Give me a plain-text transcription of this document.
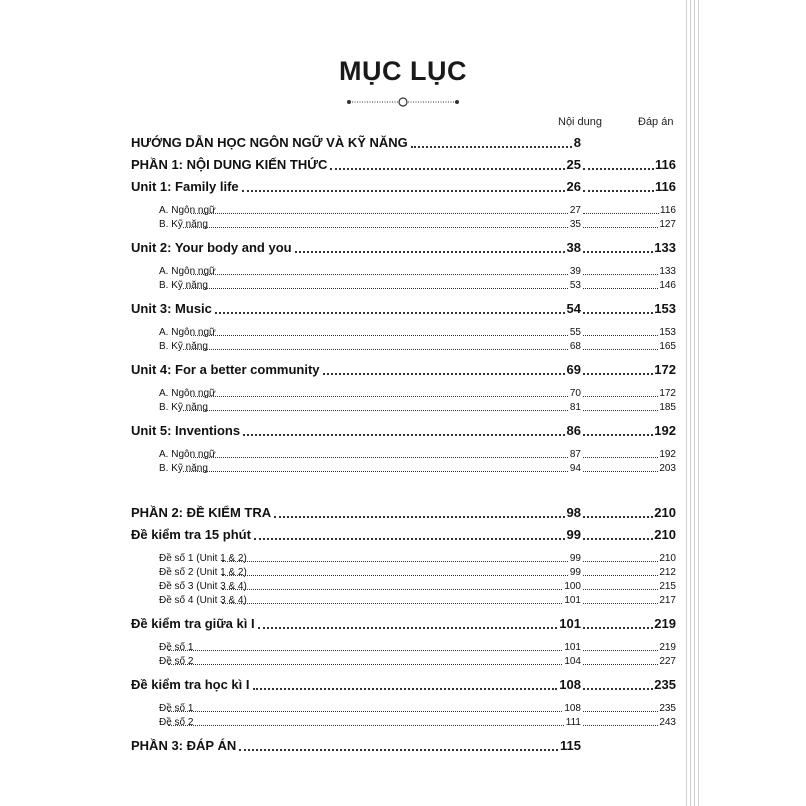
MỤC LỤC
Nội dung	Đáp án
HƯỚNG DẪN HỌC NGÔN NGỮ VÀ KỸ NĂNG	8
PHẦN 1: NỘI DUNG KIẾN THỨC	25	116
Unit 1: Family life	26	116
A. Ngôn ngữ	27	116
B. Kỹ năng	35	127
Unit 2: Your body and you	38	133
A. Ngôn ngữ	39	133
B. Kỹ năng	53	146
Unit 3: Music	54	153
A. Ngôn ngữ	55	153
B. Kỹ năng	68	165
Unit 4: For a better community	69	172
A. Ngôn ngữ	70	172
B. Kỹ năng	81	185
Unit 5: Inventions	86	192
A. Ngôn ngữ	87	192
B. Kỹ năng	94	203
PHẦN 2: ĐỀ KIỂM TRA	98	210
Đề kiểm tra 15 phút	99	210
Đề số 1 (Unit 1 & 2)	99	210
Đề số 2 (Unit 1 & 2)	99	212
Đề số 3 (Unit 3 & 4)	100	215
Đề số 4 (Unit 3 & 4)	101	217
Đề kiểm tra giữa kì I	101	219
Đề số 1	101	219
Đề số 2	104	227
Đề kiểm tra học kì I	108	235
Đề số 1	108	235
Đề số 2	111	243
PHẦN 3: ĐÁP ÁN	115
